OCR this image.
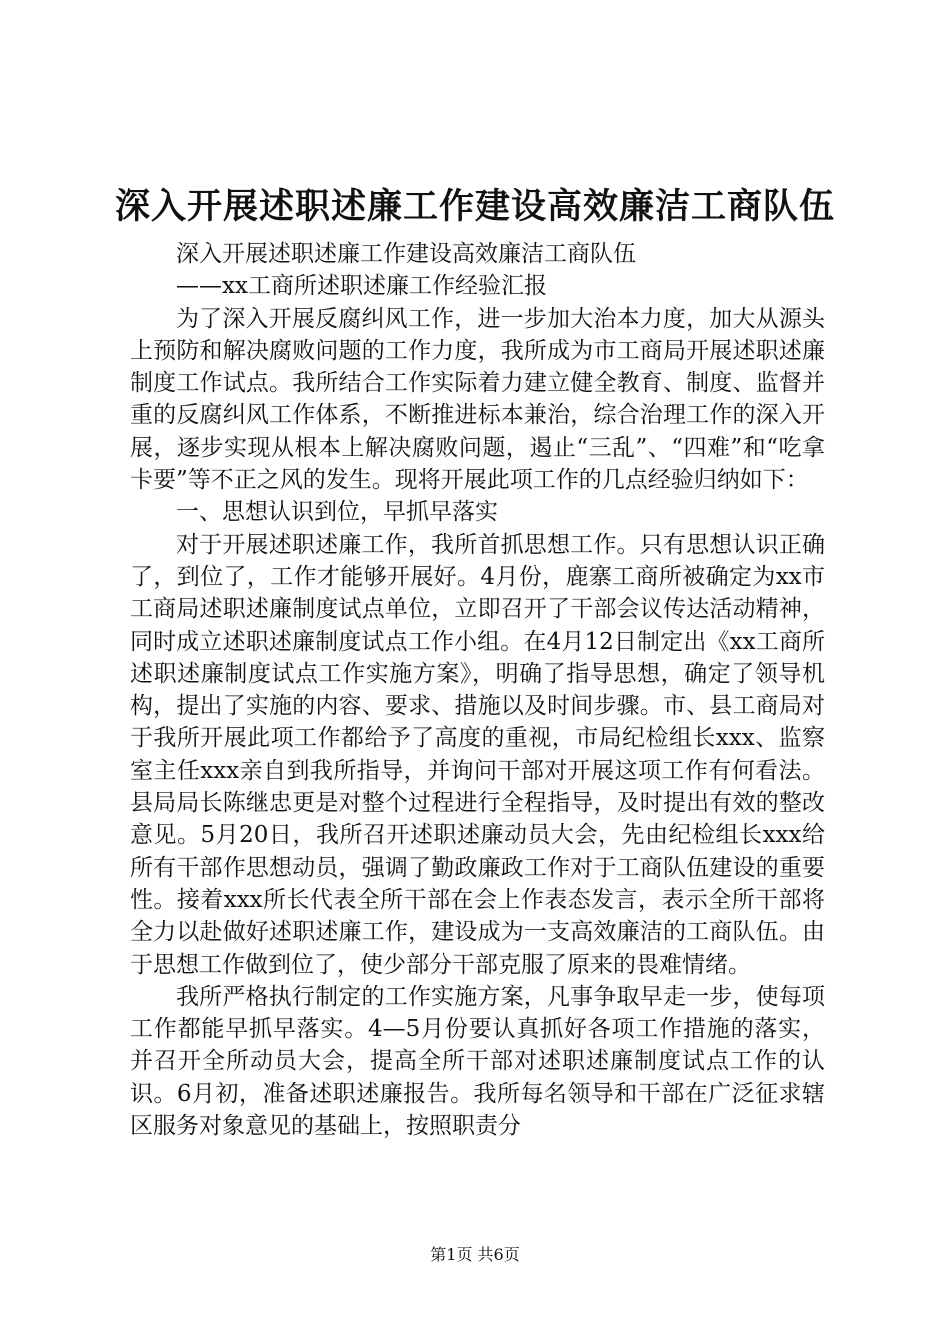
深入开展述职述廉工作建设高效廉洁工商队伍

深入开展述职述廉工作建设高效廉洁工商队伍

——xx工商所述职述廉工作经验汇报

为了深入开展反腐纠风工作，进一步加大治本力度，加大从源头上预防和解决腐败问题的工作力度，我所成为市工商局开展述职述廉制度工作试点。我所结合工作实际着力建立健全教育、制度、监督并重的反腐纠风工作体系，不断推进标本兼治，综合治理工作的深入开展，逐步实现从根本上解决腐败问题，遏止“三乱”、“四难”和“吃拿卡要”等不正之风的发生。现将开展此项工作的几点经验归纳如下：

一、思想认识到位，早抓早落实

对于开展述职述廉工作，我所首抓思想工作。只有思想认识正确了，到位了，工作才能够开展好。4月份，鹿寨工商所被确定为xx市工商局述职述廉制度试点单位，立即召开了干部会议传达活动精神，同时成立述职述廉制度试点工作小组。在4月12日制定出《xx工商所述职述廉制度试点工作实施方案》，明确了指导思想，确定了领导机构，提出了实施的内容、要求、措施以及时间步骤。市、县工商局对于我所开展此项工作都给予了高度的重视，市局纪检组长xxx、监察室主任xxx亲自到我所指导，并询问干部对开展这项工作有何看法。县局局长陈继忠更是对整个过程进行全程指导，及时提出有效的整改意见。5月20日，我所召开述职述廉动员大会，先由纪检组长xxx给所有干部作思想动员，强调了勤政廉政工作对于工商队伍建设的重要性。接着xxx所长代表全所干部在会上作表态发言，表示全所干部将全力以赴做好述职述廉工作，建设成为一支高效廉洁的工商队伍。由于思想工作做到位了，使少部分干部克服了原来的畏难情绪。

我所严格执行制定的工作实施方案，凡事争取早走一步，使每项工作都能早抓早落实。4—5月份要认真抓好各项工作措施的落实，并召开全所动员大会，提高全所干部对述职述廉制度试点工作的认识。6月初，准备述职述廉报告。我所每名领导和干部在广泛征求辖区服务对象意见的基础上，按照职责分

第1页 共6页
